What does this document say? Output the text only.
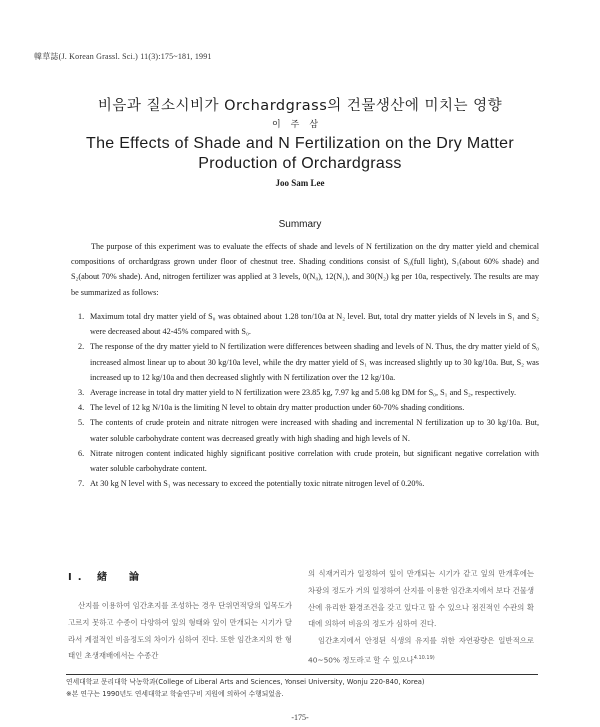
韓草誌(J. Korean Grassl. Sci.) 11(3):175~181, 1991
비음과 질소시비가 Orchardgrass의 건물생산에 미치는 영향
이주삼
The Effects of Shade and N Fertilization on the Dry Matter
Production of Orchardgrass
Joo Sam Lee
Summary
The purpose of this experiment was to evaluate the effects of shade and levels of N fertilization on the dry matter yield and chemical compositions of orchardgrass grown under floor of chestnut tree. Shading conditions consist of S₀(full light), S₁(about 60% shade) and S₂(about 70% shade). And, nitrogen fertilizer was applied at 3 levels, 0(N₀), 12(N₁), and 30(N₂) kg per 10a, respectively. The results are may be summarized as follows:
1. Maximum total dry matter yield of S₀ was obtained about 1.28 ton/10a at N₂ level. But, total dry matter yields of N levels in S₁ and S₂ were decreased about 42-45% compared with S₀.
2. The response of the dry matter yield to N fertilization were differences between shading and levels of N. Thus, the dry matter yield of S₀ increased almost linear up to about 30 kg/10a level, while the dry matter yield of S₁ was increased slightly up to 30 kg/10a. But, S₂ was increased up to 12 kg/10a and then decreased slightly with N fertilization over the 12 kg/10a.
3. Average increase in total dry matter yield to N fertilization were 23.85 kg, 7.97 kg and 5.08 kg DM for S₀, S₁ and S₂, respectively.
4. The level of 12 kg N/10a is the limiting N level to obtain dry matter production under 60-70% shading conditions.
5. The contents of crude protein and nitrate nitrogen were increased with shading and incremental N fertilization up to 30 kg/10a. But, water soluble carbohydrate content was decreased greatly with high shading and high levels of N.
6. Nitrate nitrogen content indicated highly significant positive correlation with crude protein, but significant negative correlation with water soluble carbohydrate content.
7. At 30 kg N level with S₁ was necessary to exceed the potentially toxic nitrate nitrogen level of 0.20%.
I. 緖　論
산지를 이용하여 임간초지를 조성하는 경우 단위면적당의 입목도가 고르지 못하고 수종이 다양하여 잎의 형태와 잎이 만개되는 시기가 달라서 계절적인 비음정도의 차이가 심하여 진다. 또한 임간초지의 한 형태인 초생재배에서는 수종간

의 식재거리가 일정하여 잎이 만개되는 시기가 같고 잎의 만개후에는 차광의 정도가 거의 일정하여 산지를 이용한 임간초지에서 보다 건물생산에 유리한 환경조건을 갖고 있다고 할 수 있으나 점진적인 수관의 확대에 의하여 비음의 정도가 심하여 진다.

임간초지에서 안정된 식생의 유지를 위한 자연광량은 일반적으로 40~50% 정도라고 할 수 있으나$^{4.10.19)}$

연세대학교 문리대학 낙농학과(College of Liberal Arts and Sciences, Yonsei University, Wonju 220-840, Korea)
※본 연구는 1990년도 연세대학교 학술연구비 지원에 의하여 수행되었음.
-175-
